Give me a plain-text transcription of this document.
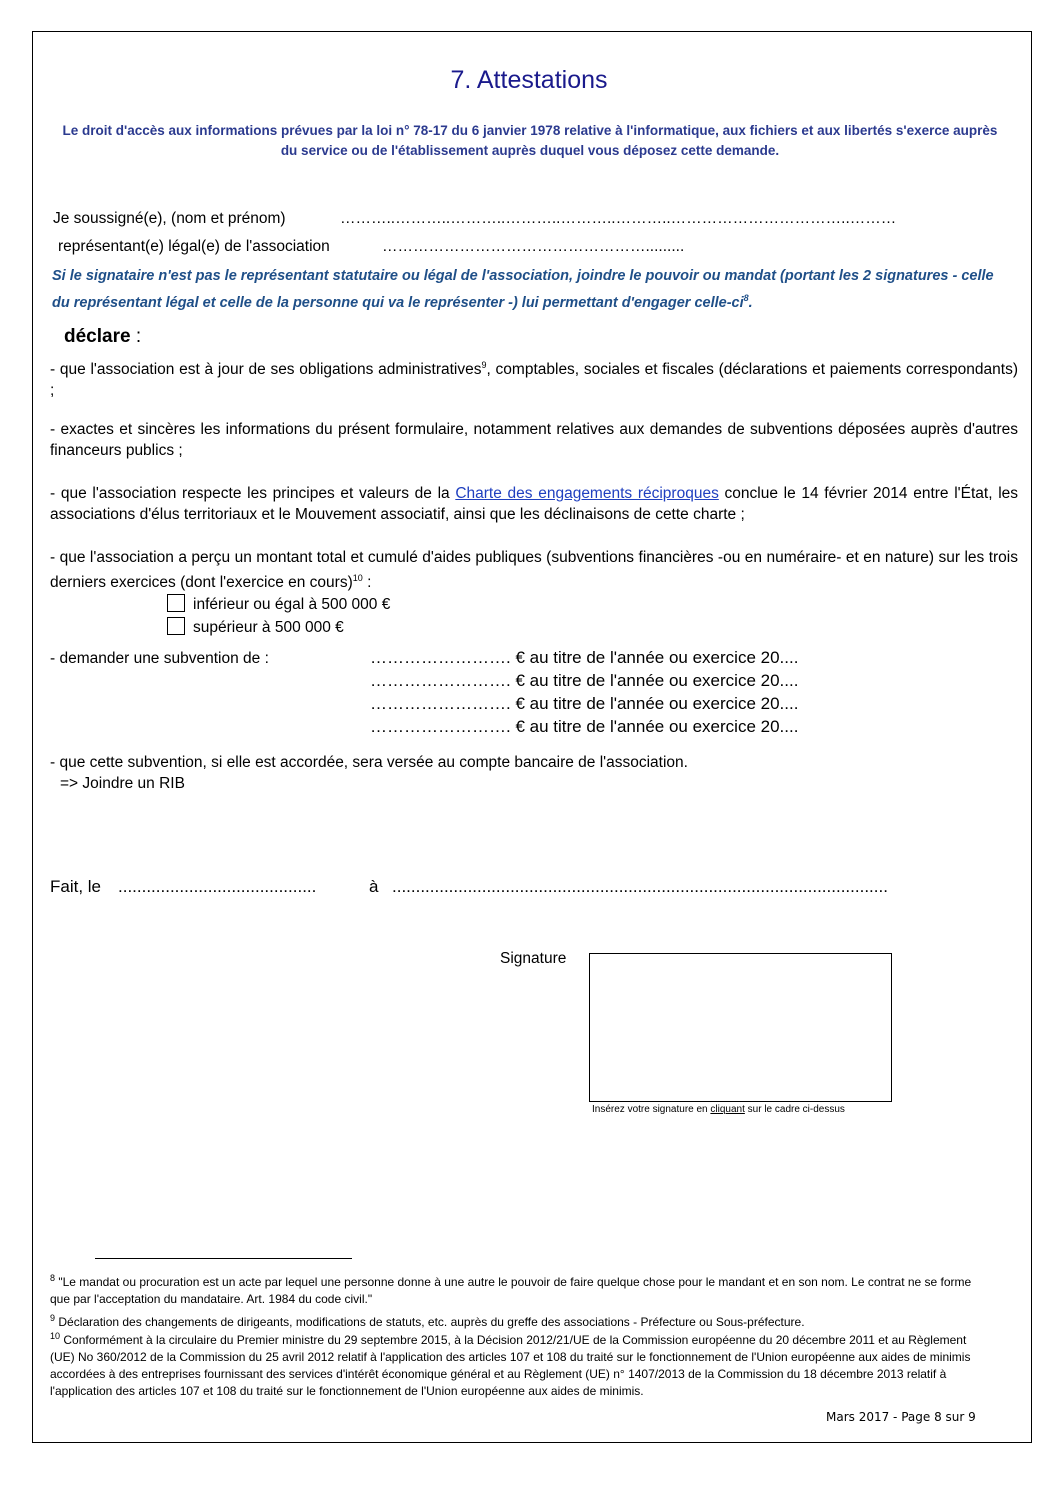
7. Attestations
Le droit d'accès aux informations prévues par la loi n° 78-17 du 6 janvier 1978 relative à l'informatique, aux fichiers et aux libertés s'exerce auprès du service ou de l'établissement auprès duquel vous déposez cette demande.
Je soussigné(e), (nom et prénom)	………..………..………..………..………..………..……………………………..………
représentant(e) légal(e) de l'association	…………………………………………….........
Si le signataire n'est pas le représentant statutaire ou légal de l'association, joindre le pouvoir ou mandat (portant les 2 signatures - celle du représentant légal et celle de la personne qui va le représenter -) lui permettant d'engager celle-$ci^8$.
déclare :
- que l'association est à jour de ses obligations administratives$^9$, comptables, sociales et fiscales (déclarations et paiements correspondants) ;
- exactes et sincères les informations du présent formulaire, notamment relatives aux demandes de subventions déposées auprès d'autres financeurs publics ;
- que l'association respecte les principes et valeurs de la Charte des engagements réciproques conclue le 14 février 2014 entre l'État, les associations d'élus territoriaux et le Mouvement associatif, ainsi que les déclinaisons de cette charte ;
- que l'association a perçu un montant total et cumulé d'aides publiques (subventions financières -ou en numéraire- et en nature) sur les trois derniers exercices (dont l'exercice en cours)$^{10}$ :
inférieur ou égal à 500 000 €
supérieur à 500 000 €
- demander une subvention de :	……………………. € au titre de l'année ou exercice 20....
……………………. € au titre de l'année ou exercice 20....
……………………. € au titre de l'année ou exercice 20....
……………………. € au titre de l'année ou exercice 20....
- que cette subvention, si elle est accordée, sera versée au compte bancaire de l'association.
=> Joindre un RIB
Fait, le ..........................................	à .........................................................................................................
Signature
Insérez votre signature en cliquant sur le cadre ci-dessus
$^8$ "Le mandat ou procuration est un acte par lequel une personne donne à une autre le pouvoir de faire quelque chose pour le mandant et en son nom. Le contrat ne se forme que par l'acceptation du mandataire. Art. 1984 du code civil."
$^9$ Déclaration des changements de dirigeants, modifications de statuts, etc. auprès du greffe des associations - Préfecture ou Sous-préfecture.
$^{10}$ Conformément à la circulaire du Premier ministre du 29 septembre 2015, à la Décision 2012/21/UE de la Commission européenne du 20 décembre 2011 et au Règlement (UE) No 360/2012 de la Commission du 25 avril 2012 relatif à l'application des articles 107 et 108 du traité sur le fonctionnement de l'Union européenne aux aides de minimis accordées à des entreprises fournissant des services d'intérêt économique général et au Règlement (UE) n° 1407/2013 de la Commission du 18 décembre 2013 relatif à l'application des articles 107 et 108 du traité sur le fonctionnement de l'Union européenne aux aides de minimis.
Mars 2017 - Page 8 sur 9
